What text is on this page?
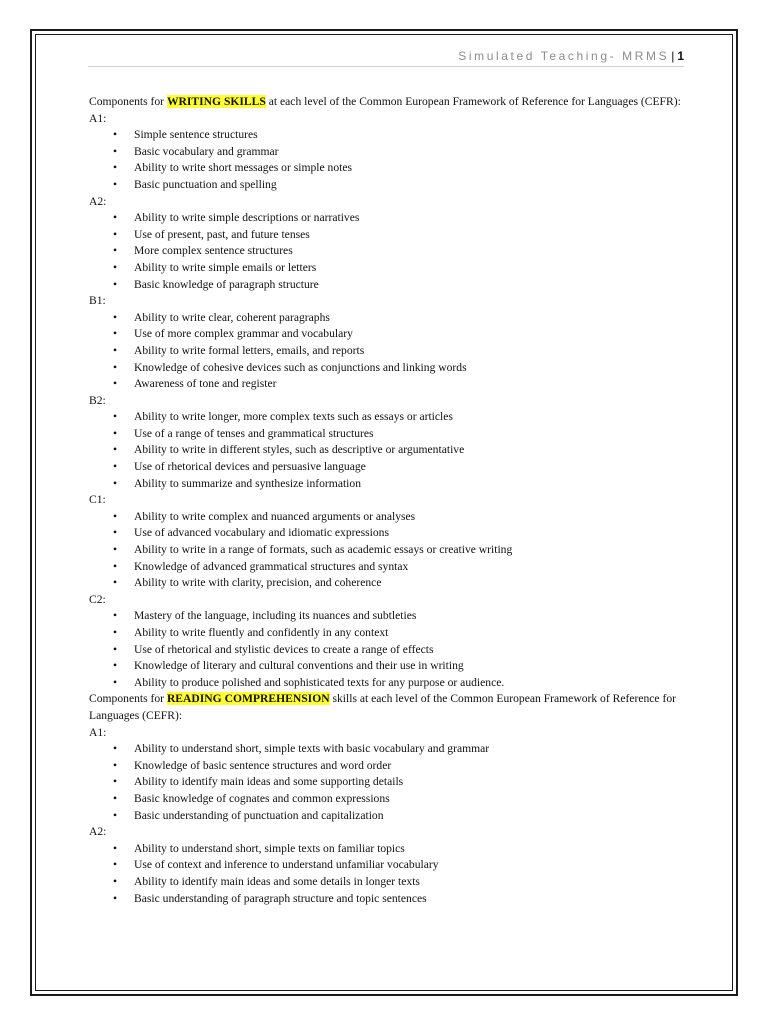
Simulated Teaching- MRMS | 1

Components for WRITING SKILLS at each level of the Common European Framework of Reference for Languages (CEFR):

A1:

• Simple sentence structures
• Basic vocabulary and grammar
• Ability to write short messages or simple notes
• Basic punctuation and spelling

A2:

• Ability to write simple descriptions or narratives
• Use of present, past, and future tenses
• More complex sentence structures
• Ability to write simple emails or letters
• Basic knowledge of paragraph structure

B1:

• Ability to write clear, coherent paragraphs
• Use of more complex grammar and vocabulary
• Ability to write formal letters, emails, and reports
• Knowledge of cohesive devices such as conjunctions and linking words
• Awareness of tone and register

B2:

• Ability to write longer, more complex texts such as essays or articles
• Use of a range of tenses and grammatical structures
• Ability to write in different styles, such as descriptive or argumentative
• Use of rhetorical devices and persuasive language
• Ability to summarize and synthesize information

C1:

• Ability to write complex and nuanced arguments or analyses
• Use of advanced vocabulary and idiomatic expressions
• Ability to write in a range of formats, such as academic essays or creative writing
• Knowledge of advanced grammatical structures and syntax
• Ability to write with clarity, precision, and coherence

C2:

• Mastery of the language, including its nuances and subtleties
• Ability to write fluently and confidently in any context
• Use of rhetorical and stylistic devices to create a range of effects
• Knowledge of literary and cultural conventions and their use in writing
• Ability to produce polished and sophisticated texts for any purpose or audience.

Components for READING COMPREHENSION skills at each level of the Common European Framework of Reference for Languages (CEFR):

A1:

• Ability to understand short, simple texts with basic vocabulary and grammar
• Knowledge of basic sentence structures and word order
• Ability to identify main ideas and some supporting details
• Basic knowledge of cognates and common expressions
• Basic understanding of punctuation and capitalization

A2:

• Ability to understand short, simple texts on familiar topics
• Use of context and inference to understand unfamiliar vocabulary
• Ability to identify main ideas and some details in longer texts
• Basic understanding of paragraph structure and topic sentences
